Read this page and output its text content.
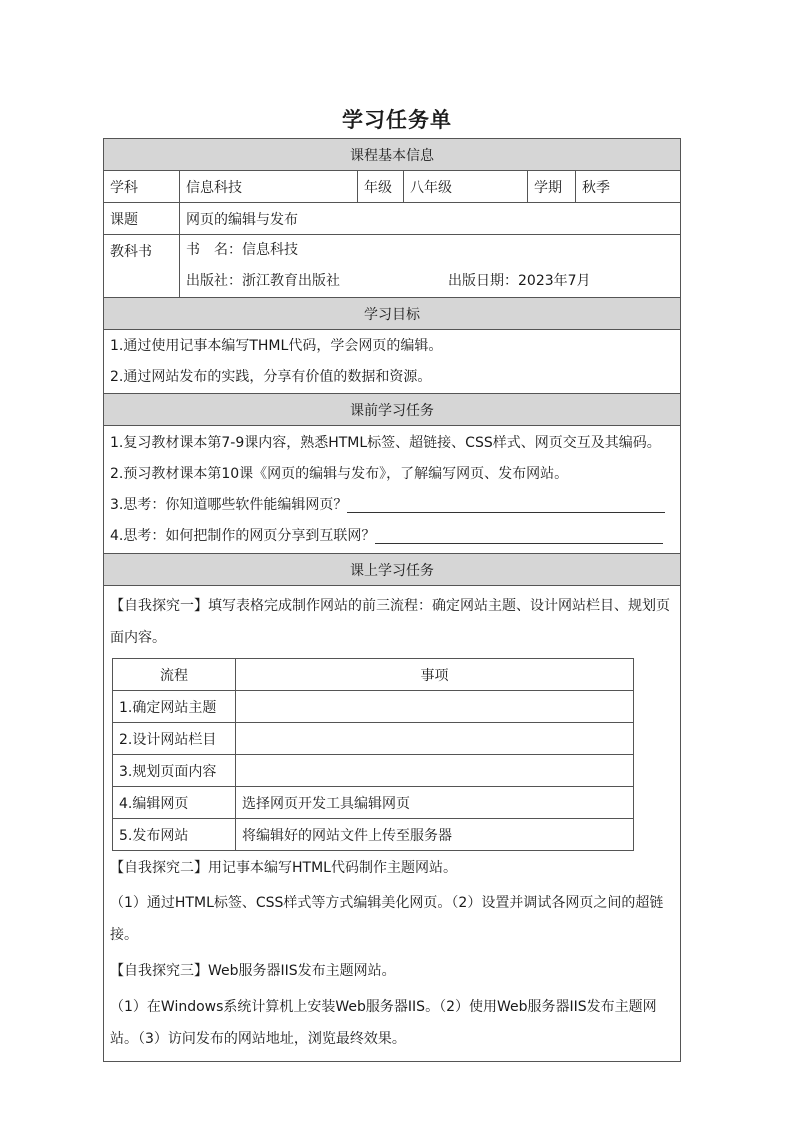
学习任务单
课程基本信息
学科	信息科技	年级	八年级	学期	秋季
课题	网页的编辑与发布
教科书	书　名：信息科技
出版社：浙江教育出版社	出版日期：2023年7月

学习目标

1.通过使用记事本编写THML代码，学会网页的编辑。
2.通过网站发布的实践，分享有价值的数据和资源。

课前学习任务

1.复习教材课本第7-9课内容，熟悉HTML标签、超链接、CSS样式、网页交互及其编码。
2.预习教材课本第10课《网页的编辑与发布》，了解编写网页、发布网站。
3.思考：你知道哪些软件能编辑网页？
4.思考：如何把制作的网页分享到互联网？

课上学习任务

【自我探究一】填写表格完成制作网站的前三流程：确定网站主题、设计网站栏目、规划页面内容。
流程	事项
1.确定网站主题	
2.设计网站栏目	
3.规划页面内容	
4.编辑网页	选择网页开发工具编辑网页
5.发布网站	将编辑好的网站文件上传至服务器
【自我探究二】用记事本编写HTML代码制作主题网站。
（1）通过HTML标签、CSS样式等方式编辑美化网页。（2）设置并调试各网页之间的超链接。
【自我探究三】Web服务器IIS发布主题网站。
（1）在Windows系统计算机上安装Web服务器IIS。（2）使用Web服务器IIS发布主题网站。（3）访问发布的网站地址，浏览最终效果。
